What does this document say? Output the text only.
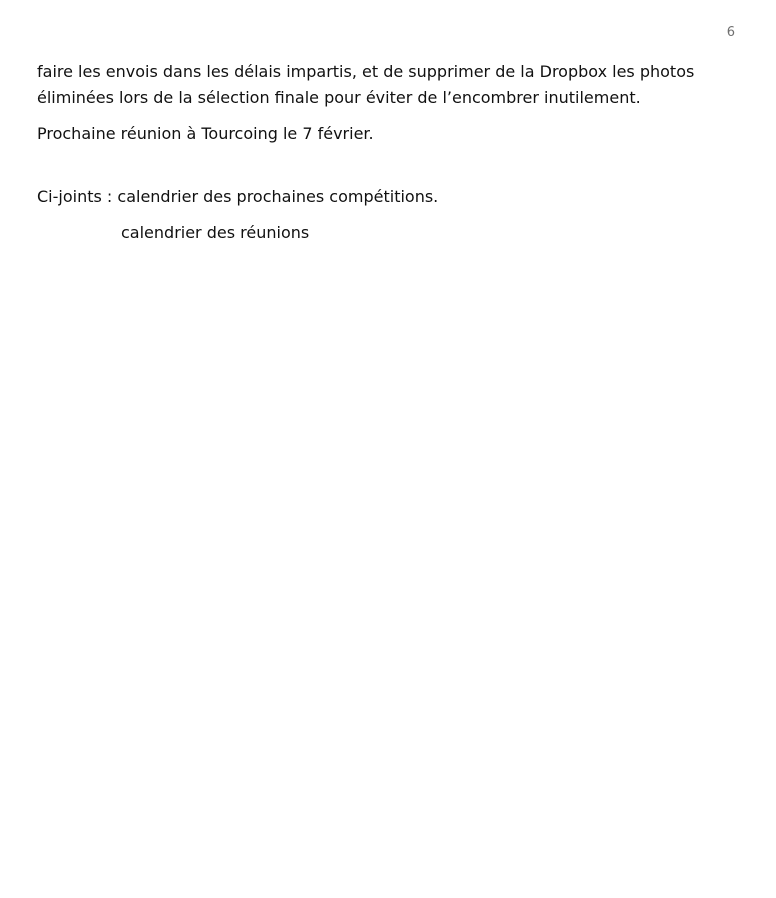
6

faire les envois dans les délais impartis, et de supprimer de la Dropbox les photos
éliminées lors de la sélection finale pour éviter de l’encombrer inutilement.

Prochaine réunion à Tourcoing le 7 février.

Ci-joints : calendrier des prochaines compétitions.

calendrier des réunions
